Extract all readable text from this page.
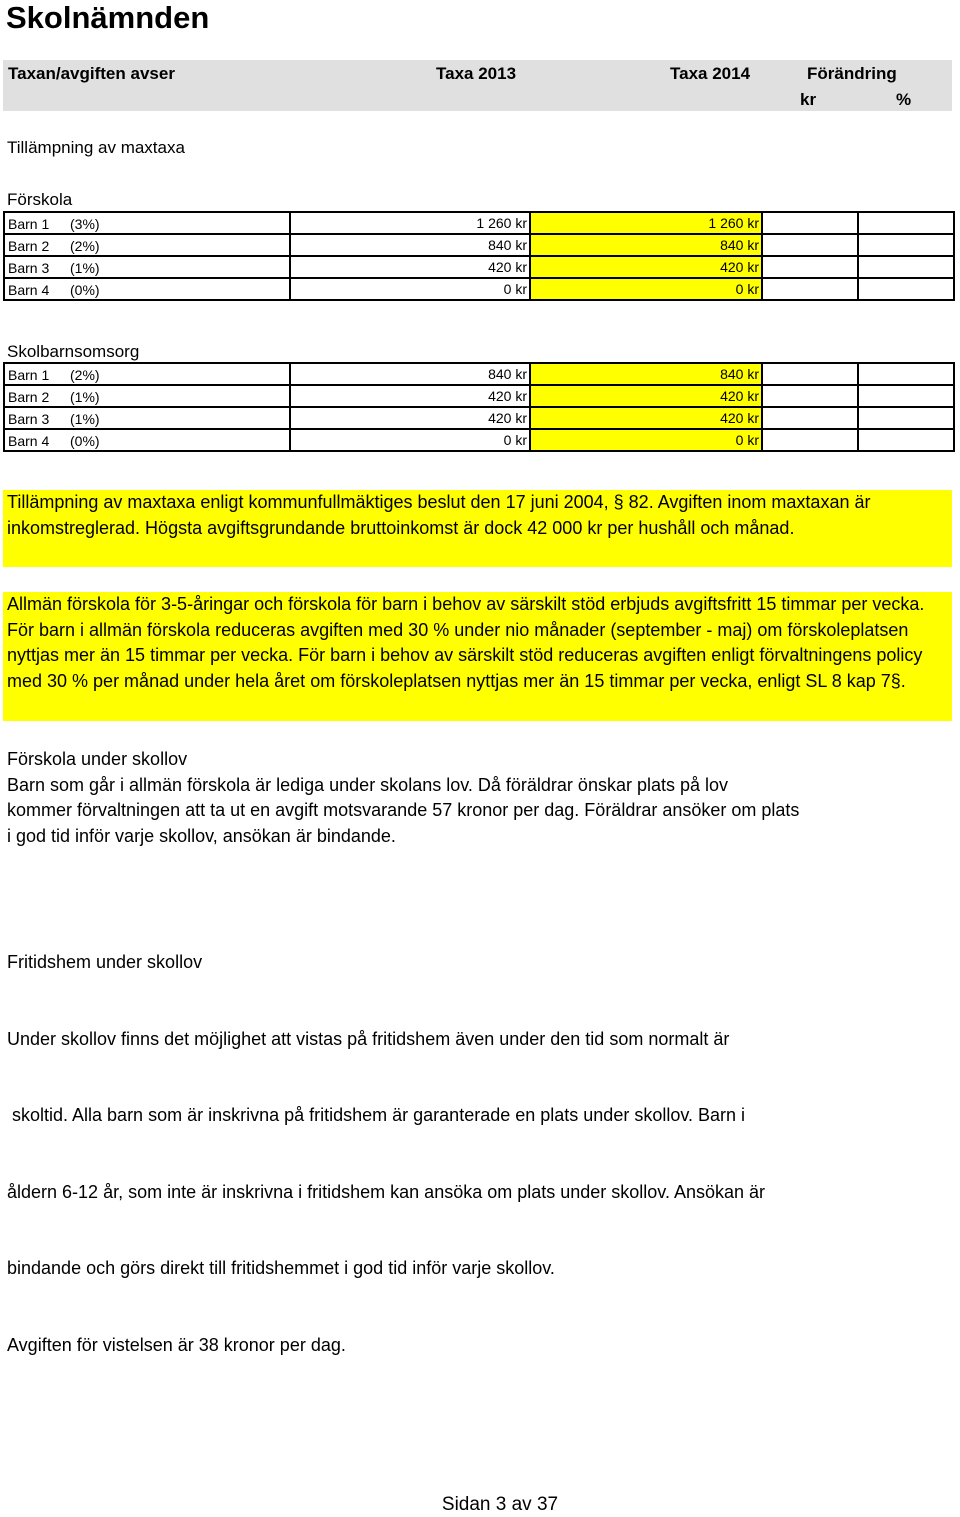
Skolnämnden
Taxan/avgiften avser	Taxa 2013	Taxa 2014	Förändring
kr	%
Tillämpning av maxtaxa
Förskola
Barn 1 (3%)	1 260 kr	1 260 kr		

Barn 2 (2%)	840 kr	840 kr		

Barn 3 (1%)	420 kr	420 kr		

Barn 4 (0%)	0 kr	0 kr		
Skolbarnsomsorg
Barn 1 (2%)	840 kr	840 kr		

Barn 2 (1%)	420 kr	420 kr		

Barn 3 (1%)	420 kr	420 kr		

Barn 4 (0%)	0 kr	0 kr		

Tillämpning av maxtaxa enligt kommunfullmäktiges beslut den 17 juni 2004, § 82. Avgiften inom maxtaxan är inkomstreglerad. Högsta avgiftsgrundande bruttoinkomst är dock 42 000 kr per hushåll och månad.

Allmän förskola för 3-5-åringar och förskola för barn i behov av särskilt stöd erbjuds avgiftsfritt 15 timmar per vecka. För barn i allmän förskola reduceras avgiften med 30 % under nio månader (september - maj) om förskoleplatsen nyttjas mer än 15 timmar per vecka. För barn i behov av särskilt stöd reduceras avgiften enligt förvaltningens policy med 30 % per månad under hela året om förskoleplatsen nyttjas mer än 15 timmar per vecka, enligt SL 8 kap 7§.

Förskola under skollov
Barn som går i allmän förskola är lediga under skolans lov. Då föräldrar önskar plats på lov
kommer förvaltningen att ta ut en avgift motsvarande 57 kronor per dag. Föräldrar ansöker om plats
i god tid inför varje skollov, ansökan är bindande.

Fritidshem under skollov

Under skollov finns det möjlighet att vistas på fritidshem även under den tid som normalt är

skoltid. Alla barn som är inskrivna på fritidshem är garanterade en plats under skollov. Barn i

åldern 6-12 år, som inte är inskrivna i fritidshem kan ansöka om plats under skollov. Ansökan är

bindande och görs direkt till fritidshemmet i god tid inför varje skollov.

Avgiften för vistelsen är 38 kronor per dag.

Sidan 3 av 37
